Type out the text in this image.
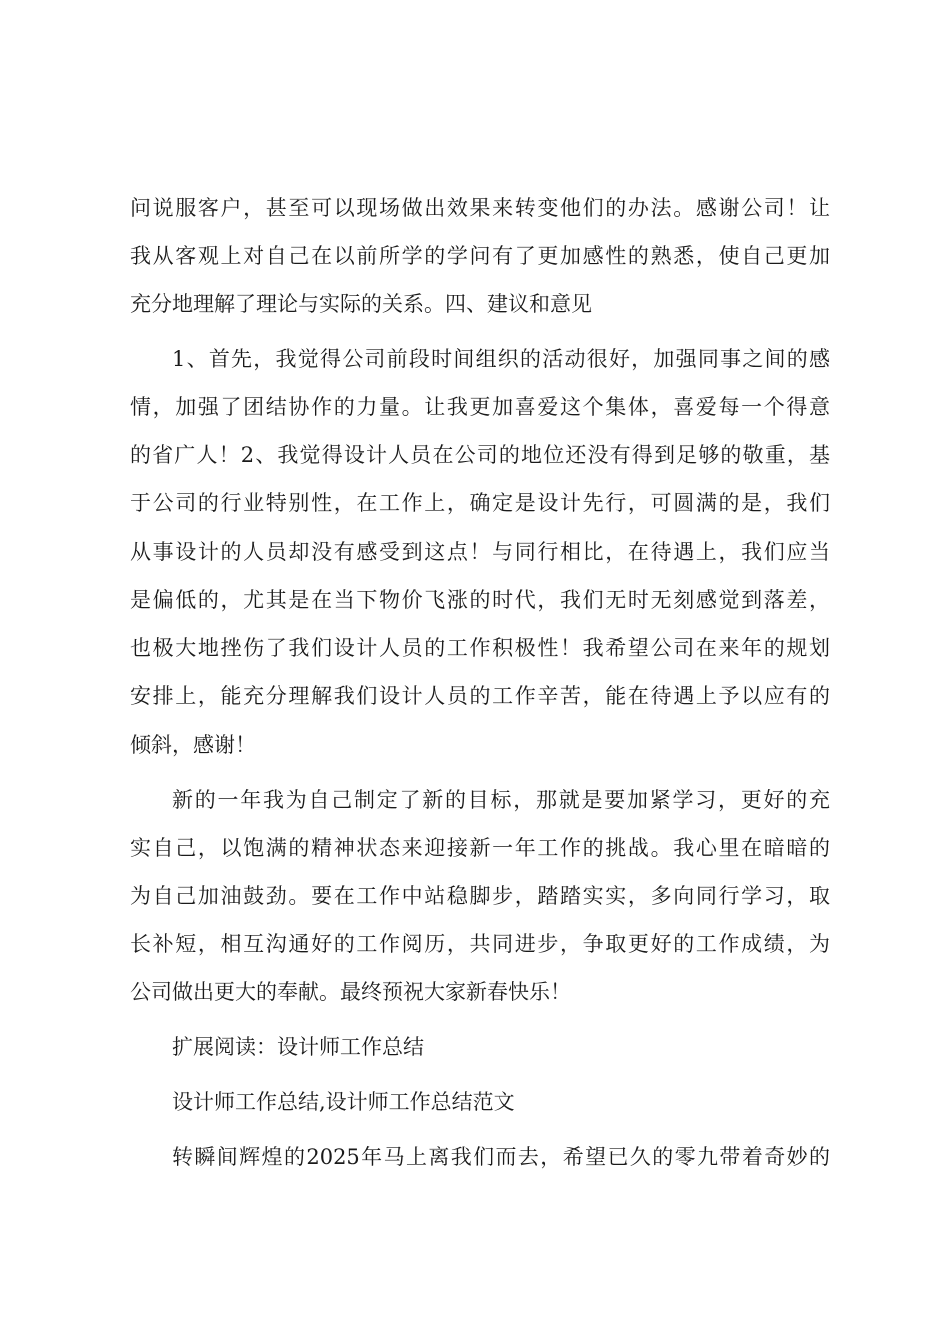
问说服客户，甚至可以现场做出效果来转变他们的办法。感谢公司！让
我从客观上对自己在以前所学的学问有了更加感性的熟悉，使自己更加
充分地理解了理论与实际的关系。四、建议和意见
1、首先，我觉得公司前段时间组织的活动很好，加强同事之间的感
情，加强了团结协作的力量。让我更加喜爱这个集体，喜爱每一个得意
的省广人！2、我觉得设计人员在公司的地位还没有得到足够的敬重，基
于公司的行业特别性，在工作上，确定是设计先行，可圆满的是，我们
从事设计的人员却没有感受到这点！与同行相比，在待遇上，我们应当
是偏低的，尤其是在当下物价飞涨的时代，我们无时无刻感觉到落差，
也极大地挫伤了我们设计人员的工作积极性！我希望公司在来年的规划
安排上，能充分理解我们设计人员的工作辛苦，能在待遇上予以应有的
倾斜，感谢！
新的一年我为自己制定了新的目标，那就是要加紧学习，更好的充
实自己，以饱满的精神状态来迎接新一年工作的挑战。我心里在暗暗的
为自己加油鼓劲。要在工作中站稳脚步，踏踏实实，多向同行学习，取
长补短，相互沟通好的工作阅历，共同进步，争取更好的工作成绩，为
公司做出更大的奉献。最终预祝大家新春快乐！
扩展阅读：设计师工作总结
设计师工作总结,设计师工作总结范文
转瞬间辉煌的2025年马上离我们而去，希望已久的零九带着奇妙的
